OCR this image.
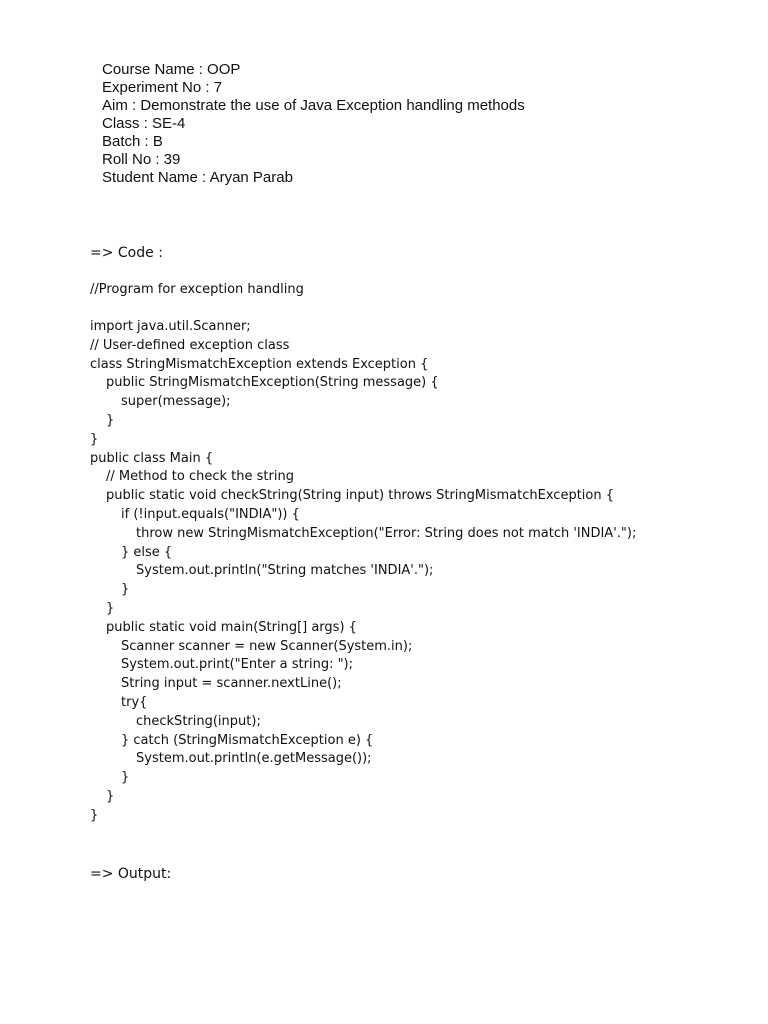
Course Name : OOP
Experiment No : 7
Aim : Demonstrate the use of Java Exception handling methods
Class : SE-4
Batch : B
Roll No : 39
Student Name : Aryan Parab
=> Code :
//Program for exception handling
import java.util.Scanner;
// User-defined exception class
class StringMismatchException extends Exception {
public StringMismatchException(String message) {
super(message);
}
}
public class Main {
// Method to check the string
public static void checkString(String input) throws StringMismatchException {
if (!input.equals("INDIA")) {
throw new StringMismatchException("Error: String does not match 'INDIA'.");
} else {
System.out.println("String matches 'INDIA'.");
}
}
public static void main(String[] args) {
Scanner scanner = new Scanner(System.in);
System.out.print("Enter a string: ");
String input = scanner.nextLine();
try{
checkString(input);
} catch (StringMismatchException e) {
System.out.println(e.getMessage());
}
}
}
=> Output:
